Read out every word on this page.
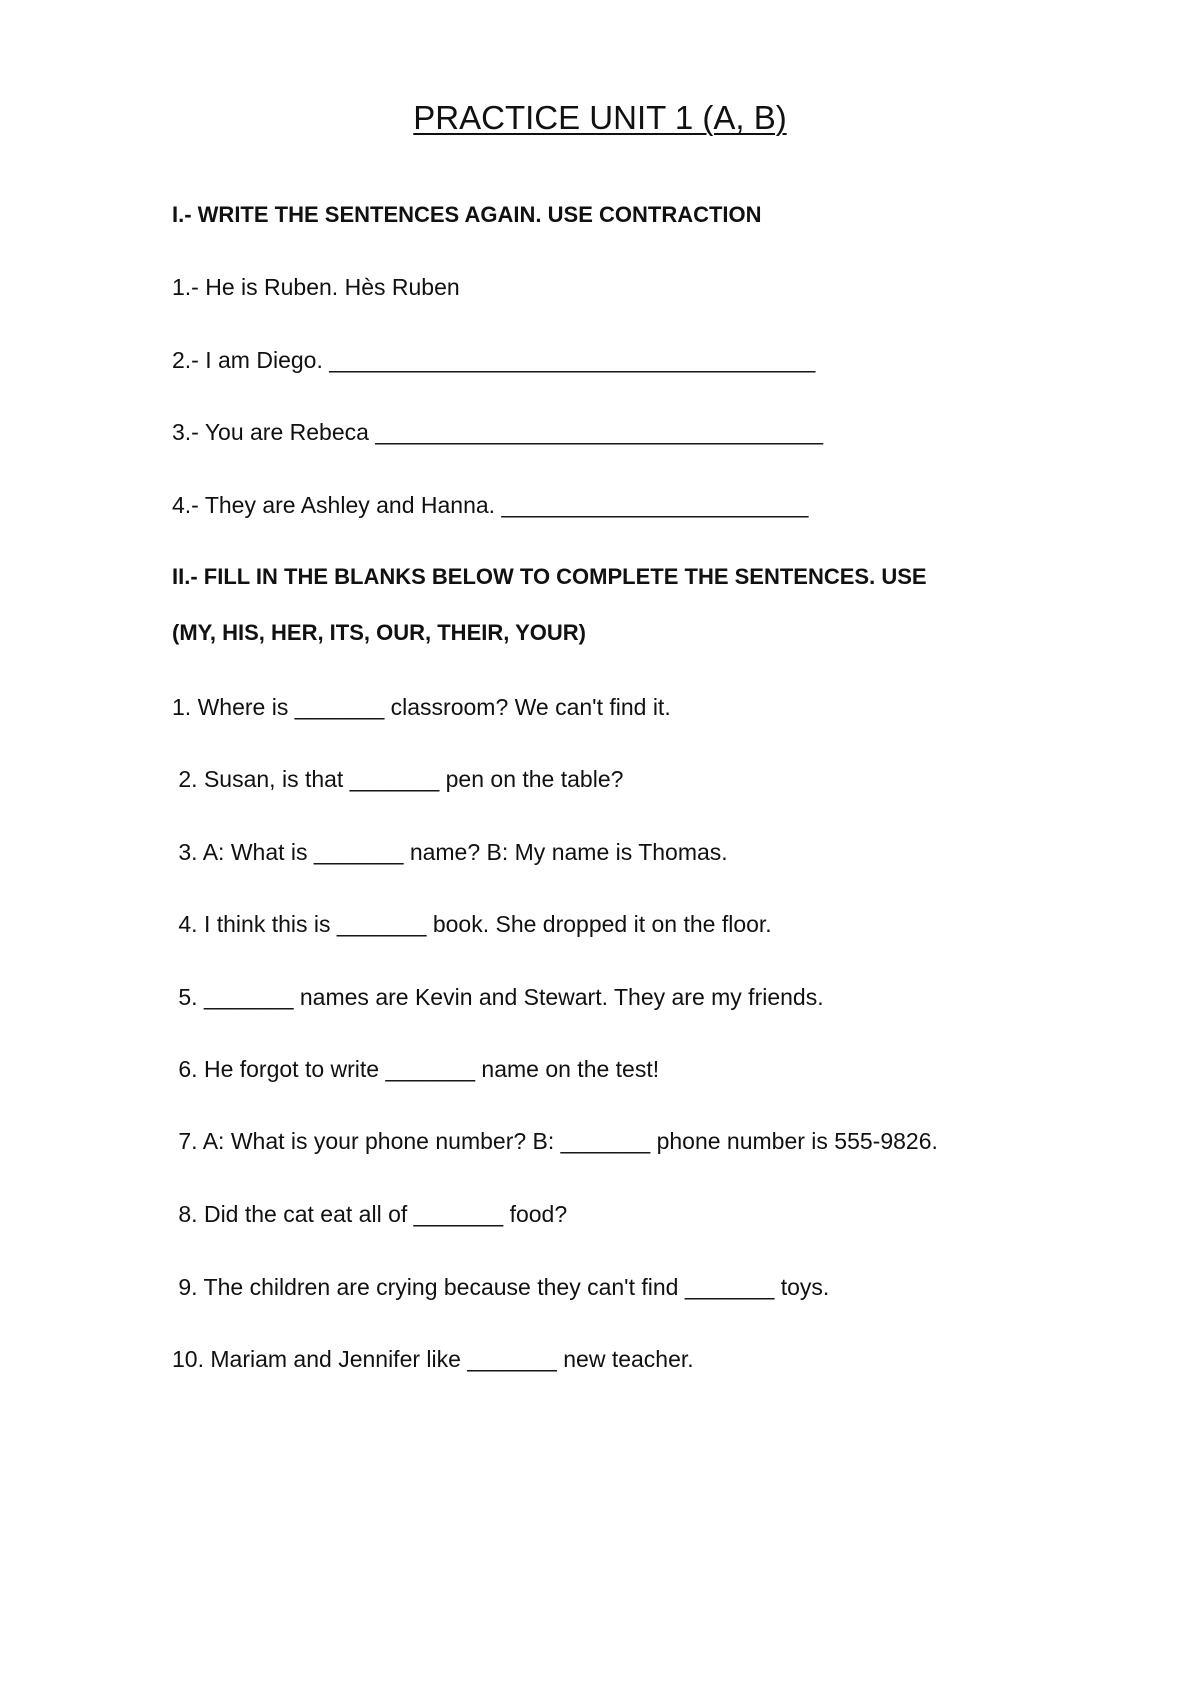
PRACTICE UNIT 1 (A, B)
I.- WRITE THE SENTENCES AGAIN. USE CONTRACTION
1.- He is Ruben. Hès Ruben
2.- I am Diego. ______________________________________
3.- You are Rebeca ___________________________________
4.- They are Ashley and Hanna. ________________________
II.- FILL IN THE BLANKS BELOW TO COMPLETE THE SENTENCES. USE
(MY, HIS, HER, ITS, OUR, THEIR, YOUR)
1. Where is _______ classroom? We can't find it.
2. Susan, is that _______ pen on the table?
3. A: What is _______ name? B: My name is Thomas.
4. I think this is _______ book. She dropped it on the floor.
5. _______ names are Kevin and Stewart. They are my friends.
6. He forgot to write _______ name on the test!
7. A: What is your phone number? B: _______ phone number is 555-9826.
8. Did the cat eat all of _______ food?
9. The children are crying because they can't find _______ toys.
10. Mariam and Jennifer like _______ new teacher.
